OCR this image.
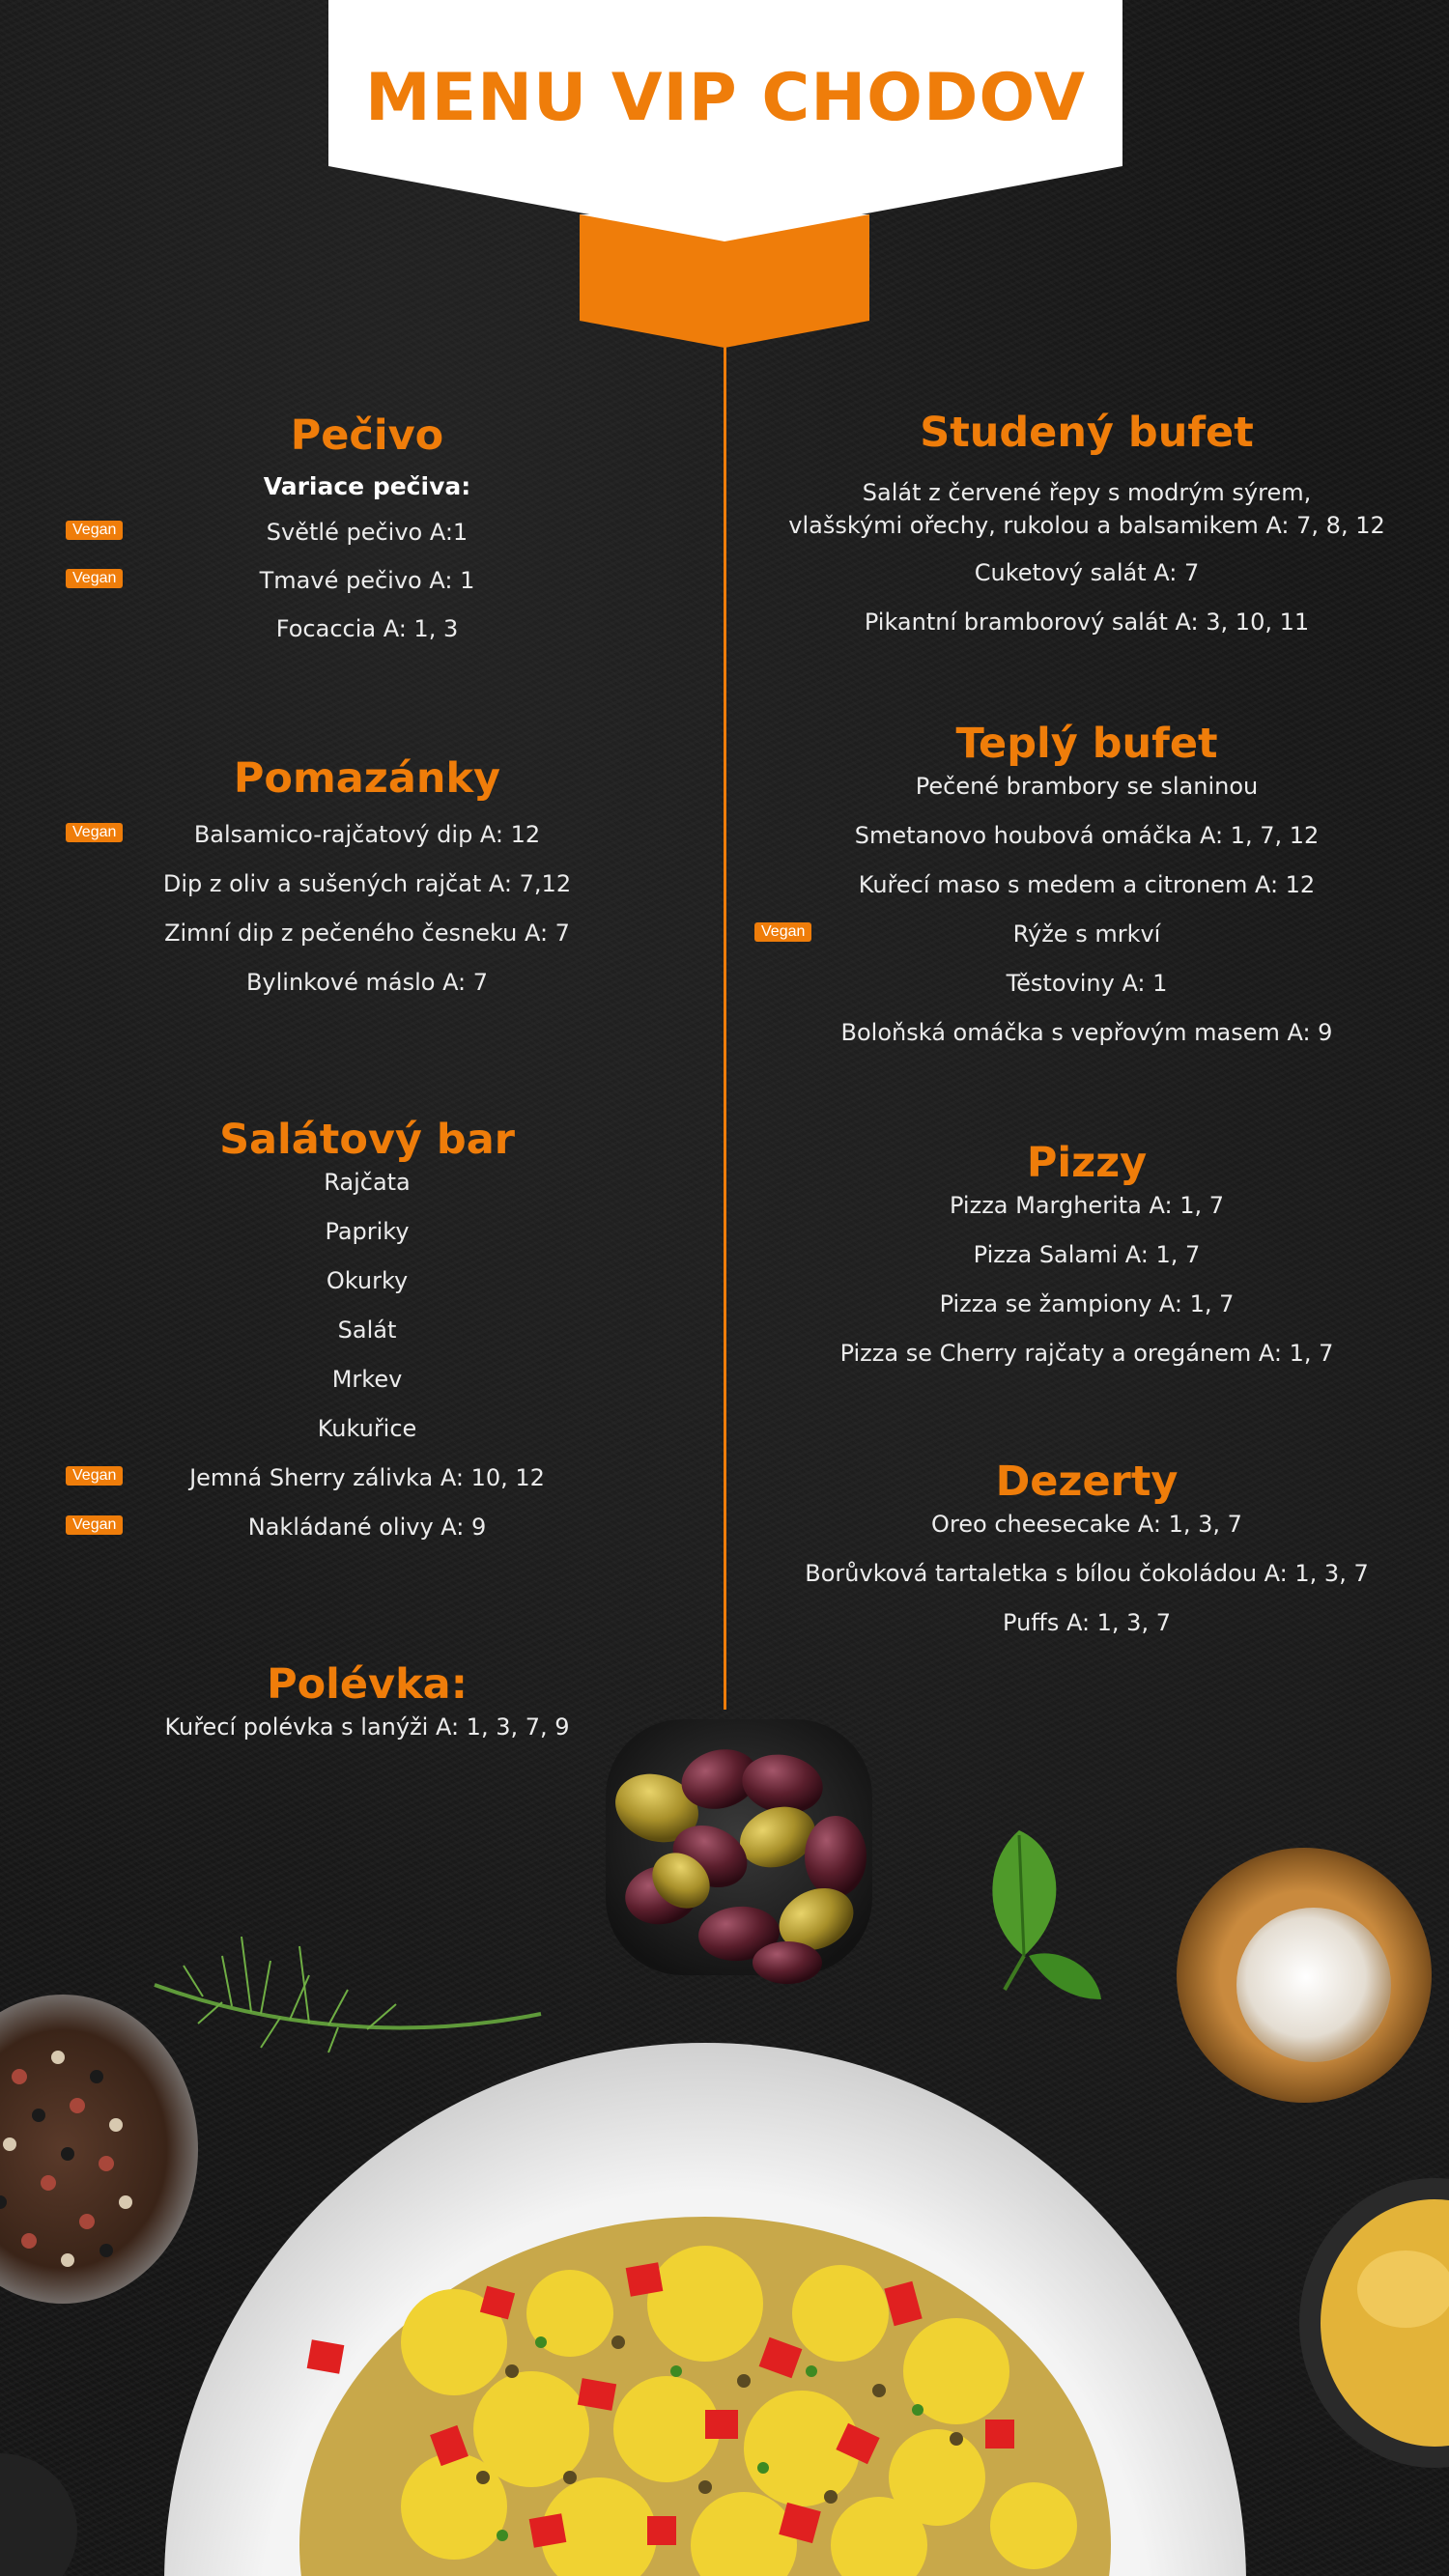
MENU VIP CHODOV
Pečivo
Variace pečiva:
Vegan	Světlé pečivo A:1
Vegan	Tmavé pečivo A: 1
Focaccia A: 1, 3
Pomazánky
Vegan	Balsamico-rajčatový dip A: 12
Dip z oliv a sušených rajčat A: 7,12
Zimní dip z pečeného česneku A: 7
Bylinkové máslo A: 7
Salátový bar
Rajčata
Papriky
Okurky
Salát
Mrkev
Kukuřice
Vegan	Jemná Sherry zálivka A: 10, 12
Vegan	Nakládané olivy A: 9
Polévka:
Kuřecí polévka s lanýži A: 1, 3, 7, 9
Studený bufet
Salát z červené řepy s modrým sýrem,
vlašskými ořechy, rukolou a balsamikem A: 7, 8, 12
Cuketový salát A: 7
Pikantní bramborový salát A: 3, 10, 11
Teplý bufet
Pečené brambory se slaninou
Smetanovo houbová omáčka A: 1, 7, 12
Kuřecí maso s medem a citronem A: 12
Vegan	Rýže s mrkví
Těstoviny A: 1
Boloňská omáčka s vepřovým masem A: 9
Pizzy
Pizza Margherita A: 1, 7
Pizza Salami A: 1, 7
Pizza se žampiony A: 1, 7
Pizza se Cherry rajčaty a oregánem A: 1, 7
Dezerty
Oreo cheesecake A: 1, 3, 7
Borůvková tartaletka s bílou čokoládou A: 1, 3, 7
Puffs A: 1, 3, 7
